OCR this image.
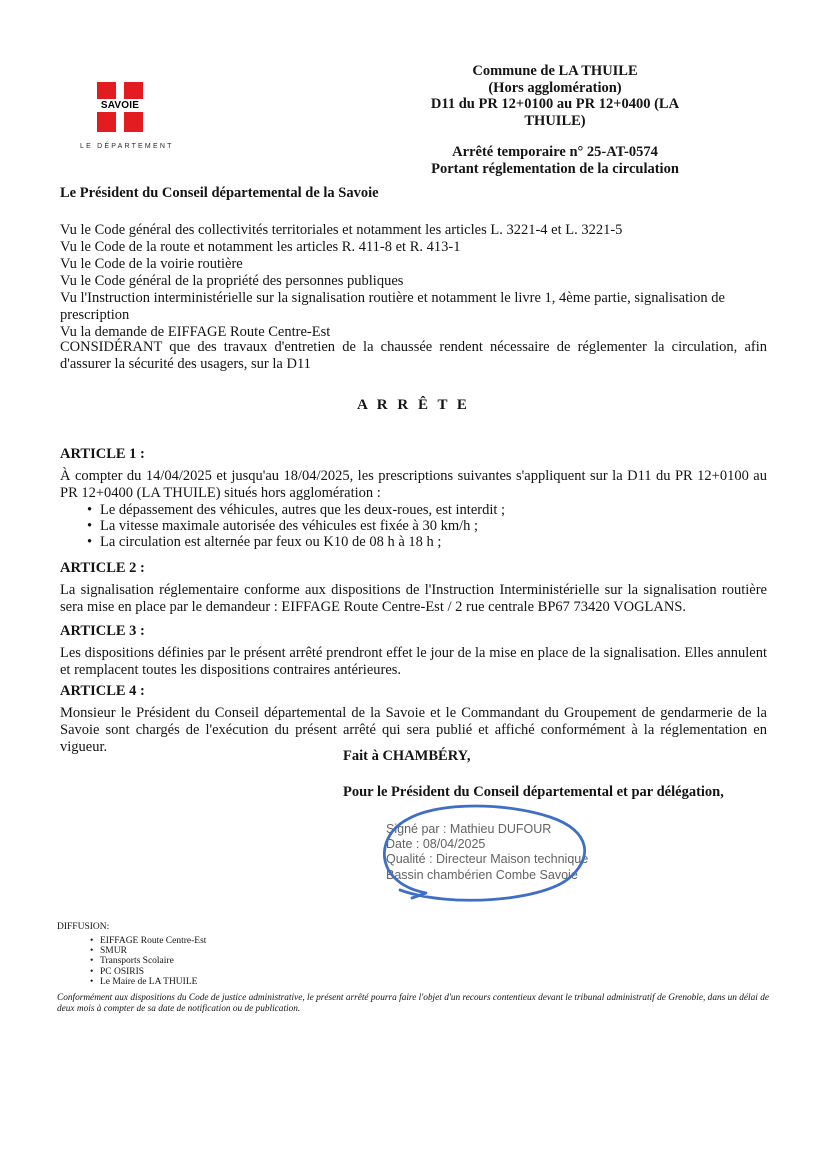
SAVOIE
LE DÉPARTEMENT
Commune de LA THUILE
(Hors agglomération)
D11 du PR 12+0100 au PR 12+0400 (LA THUILE)
Arrêté temporaire n° 25-AT-0574
Portant réglementation de la circulation
Le Président du Conseil départemental de la Savoie
Vu le Code général des collectivités territoriales et notamment les articles L. 3221-4 et L. 3221-5
Vu le Code de la route et notamment les articles R. 411-8 et R. 413-1
Vu le Code de la voirie routière
Vu le Code général de la propriété des personnes publiques
Vu l'Instruction interministérielle sur la signalisation routière et notamment le livre 1, 4ème partie, signalisation de prescription
Vu la demande de EIFFAGE Route Centre-Est
CONSIDÉRANT que des travaux d'entretien de la chaussée rendent nécessaire de réglementer la circulation, afin d'assurer la sécurité des usagers, sur la D11
A R R Ê T E
ARTICLE 1 :

À compter du 14/04/2025 et jusqu'au 18/04/2025, les prescriptions suivantes s'appliquent sur la D11 du PR 12+0100 au PR 12+0400 (LA THUILE) situés hors agglomération :

• Le dépassement des véhicules, autres que les deux-roues, est interdit ;
• La vitesse maximale autorisée des véhicules est fixée à 30 km/h ;
• La circulation est alternée par feux ou K10 de 08 h à 18 h ;
ARTICLE 2 :

La signalisation réglementaire conforme aux dispositions de l'Instruction Interministérielle sur la signalisation routière sera mise en place par le demandeur : EIFFAGE Route Centre-Est / 2 rue centrale BP67 73420 VOGLANS.

ARTICLE 3 :

Les dispositions définies par le présent arrêté prendront effet le jour de la mise en place de la signalisation. Elles annulent et remplacent toutes les dispositions contraires antérieures.

ARTICLE 4 :

Monsieur le Président du Conseil départemental de la Savoie et le Commandant du Groupement de gendarmerie de la Savoie sont chargés de l'exécution du présent arrêté qui sera publié et affiché conformément à la réglementation en vigueur.

Fait à CHAMBÉRY,
Pour le Président du Conseil départemental et par délégation,
Signé par : Mathieu DUFOUR
Date : 08/04/2025
Qualité : Directeur Maison technique
Bassin chambérien Combe Savoie
DIFFUSION:
• EIFFAGE Route Centre-Est
• SMUR
• Transports Scolaire
• PC OSIRIS
• Le Maire de LA THUILE
Conformément aux dispositions du Code de justice administrative, le présent arrêté pourra faire l'objet d'un recours contentieux devant le tribunal administratif de Grenoble, dans un délai de deux mois à compter de sa date de notification ou de publication.
